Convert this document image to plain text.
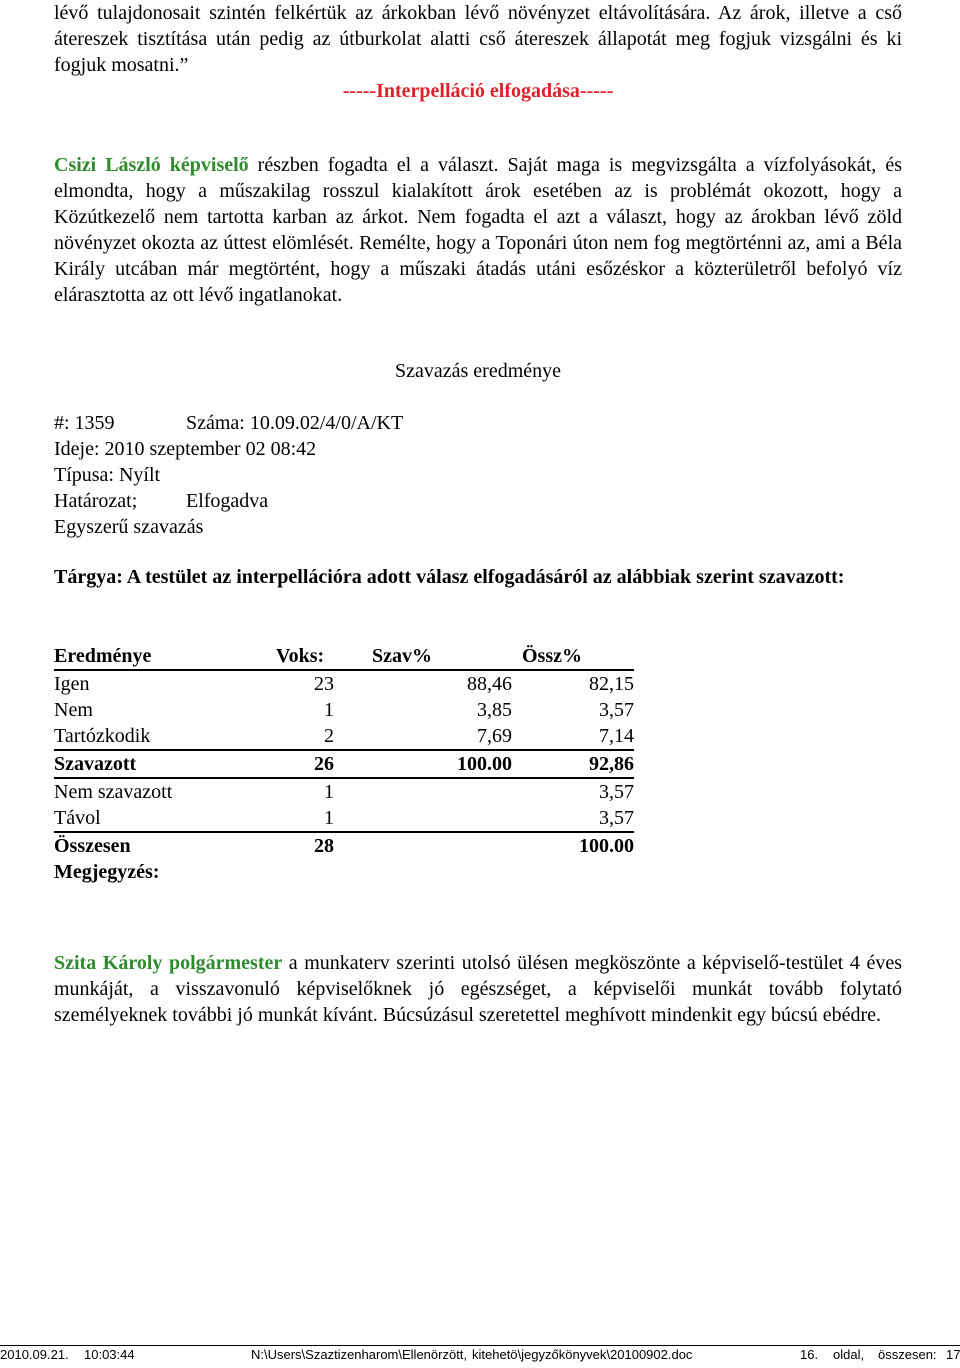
lévő tulajdonosait szintén felkértük az árkokban lévő növényzet eltávolítására. Az árok, illetve a cső átereszek tisztítása után pedig az útburkolat alatti cső átereszek állapotát meg fogjuk vizsgálni és ki fogjuk mosatni.”

-----Interpelláció elfogadása-----

Csizi László képviselő részben fogadta el a választ. Saját maga is megvizsgálta a vízfolyásokát, és elmondta, hogy a műszakilag rosszul kialakított árok esetében az is problémát okozott, hogy a Közútkezelő nem tartotta karban az árkot. Nem fogadta el azt a választ, hogy az árokban lévő zöld növényzet okozta az úttest elömlését. Remélte, hogy a Toponári úton nem fog megtörténni az, ami a Béla Király utcában már megtörtént, hogy a műszaki átadás utáni esőzéskor a közterületről befolyó víz elárasztotta az ott lévő ingatlanokat.

Szavazás eredménye
#: 1359	Száma: 10.09.02/4/0/A/KT
Ideje: 2010 szeptember 02 08:42
Típusa: Nyílt
Határozat; Elfogadva
Egyszerű szavazás
Tárgya: A testület az interpellációra adott válasz elfogadásáról az alábbiak szerint szavazott:
Eredménye	Voks:	Szav%	Össz%
Igen	23	88,46	82,15
Nem	1	3,85	3,57
Tartózkodik	2	7,69	7,14
Szavazott	26	100.00	92,86
Nem szavazott	1		3,57
Távol	1		3,57
Összesen	28		100.00
Megjegyzés:			

Szita Károly polgármester a munkaterv szerinti utolsó ülésen megköszönte a képviselő-testület 4 éves munkáját, a visszavonuló képviselőknek jó egészséget, a képviselői munkát tovább folytató személyeknek további jó munkát kívánt. Búcsúzásul szeretettel meghívott mindenkit egy búcsú ebédre.

2010.09.21. 10:03:44	N:\Users\Szaztizenharom\Ellenörzött, kitehetö\jegyzőkönyvek\20100902.doc	16. oldal, összesen: 17
